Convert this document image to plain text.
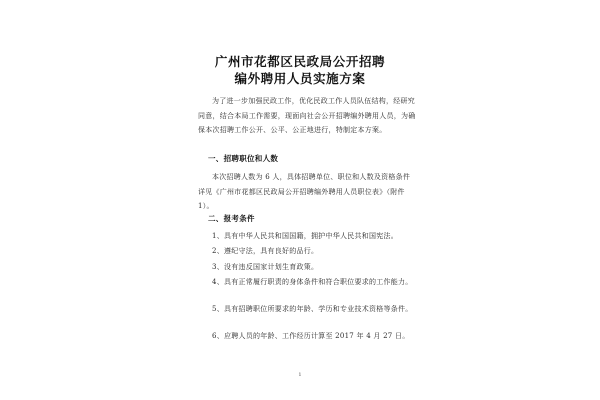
广州市花都区民政局公开招聘
编外聘用人员实施方案
为了进一步加强民政工作，优化民政工作人员队伍结构，经研究同意，结合本局工作需要，现面向社会公开招聘编外聘用人员，为确保本次招聘工作公开、公平、公正地进行，特制定本方案。
一、招聘职位和人数
本次招聘人数为 6 人，具体招聘单位、职位和人数及资格条件详见《广州市花都区民政局公开招聘编外聘用人员职位表》（附件 1）。
二、报考条件
1、具有中华人民共和国国籍，拥护中华人民共和国宪法。
2、遵纪守法，具有良好的品行。
3、没有违反国家计划生育政策。
4、具有正常履行职责的身体条件和符合职位要求的工作能力。
5、具有招聘职位所要求的年龄、学历和专业技术资格等条件。
6、应聘人员的年龄、工作经历计算至 2017 年 4 月 27 日。
1
